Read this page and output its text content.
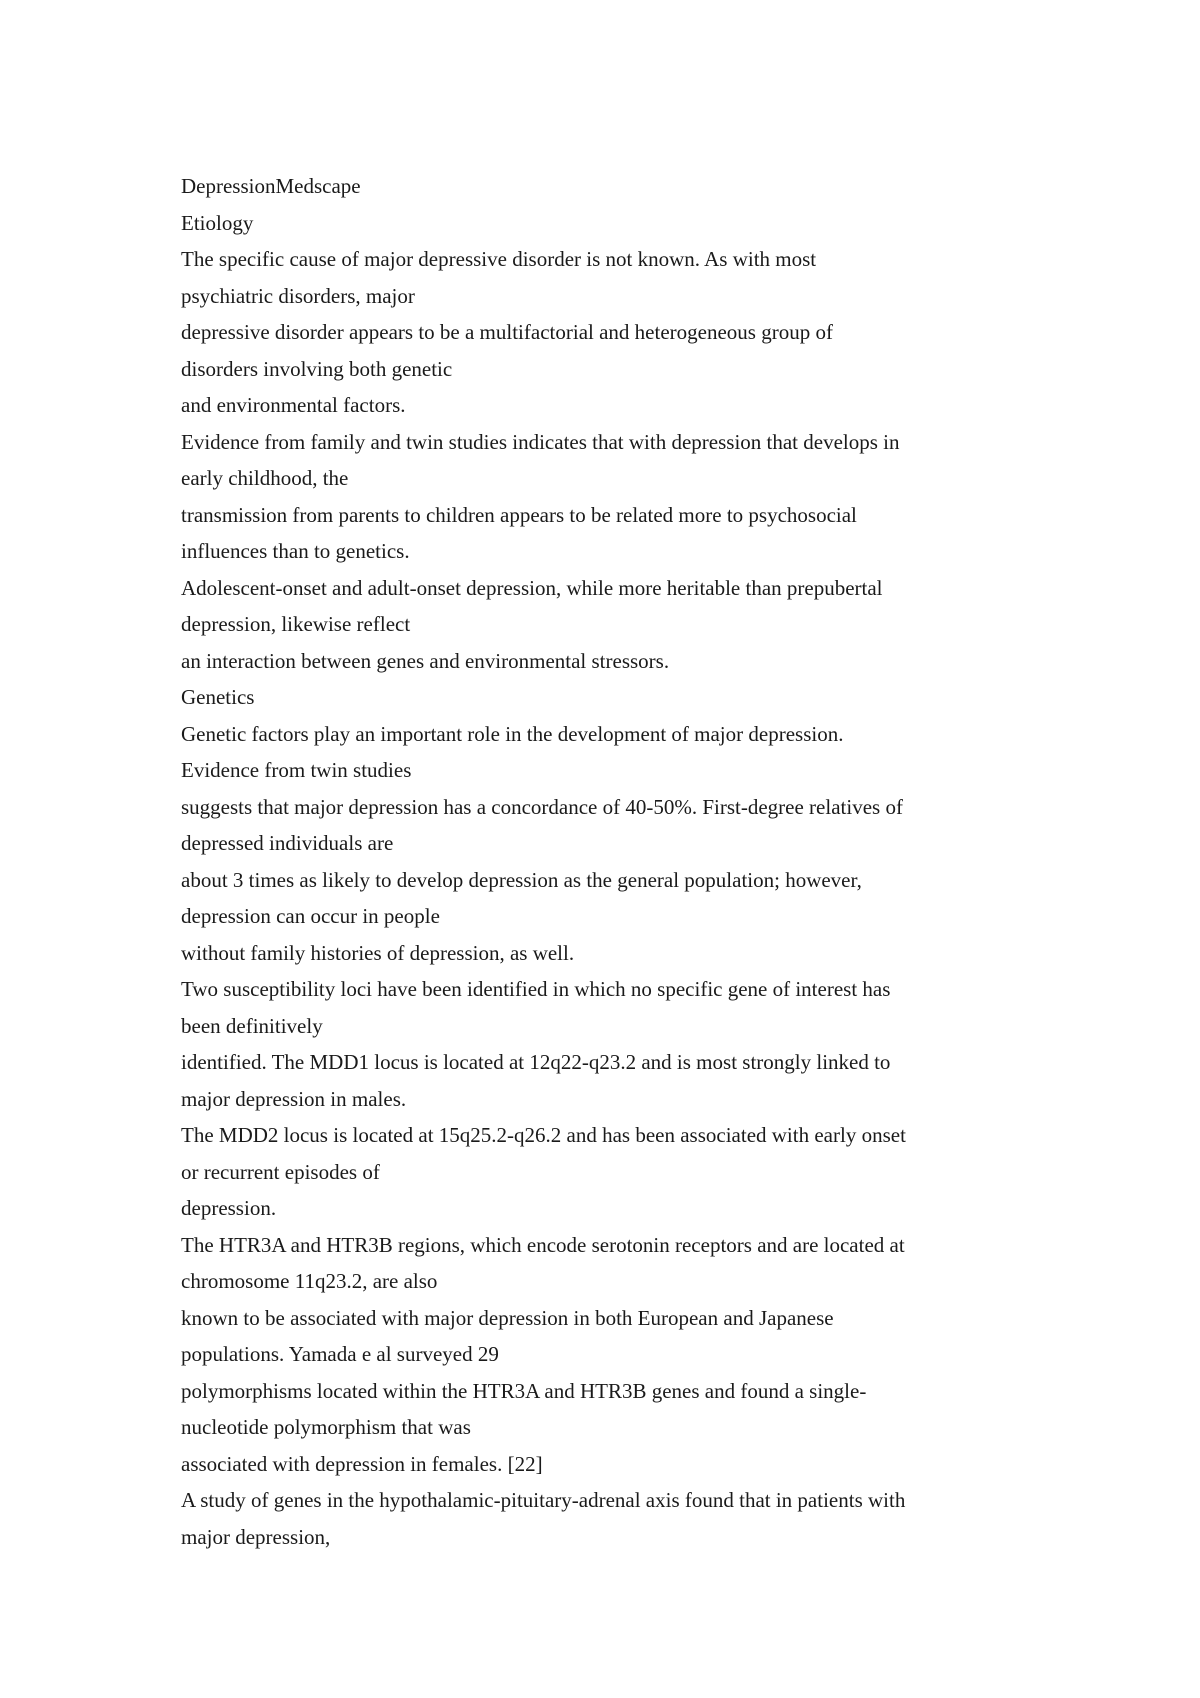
DepressionMedscape
Etiology
The specific cause of major depressive disorder is not known. As with most
psychiatric disorders, major
depressive disorder appears to be a multifactorial and heterogeneous group of
disorders involving both genetic
and environmental factors.
Evidence from family and twin studies indicates that with depression that develops in
early childhood, the
transmission from parents to children appears to be related more to psychosocial
influences than to genetics.
Adolescent-onset and adult-onset depression, while more heritable than prepubertal
depression, likewise reflect
an interaction between genes and environmental stressors.
Genetics
Genetic factors play an important role in the development of major depression.
Evidence from twin studies
suggests that major depression has a concordance of 40-50%. First-degree relatives of
depressed individuals are
about 3 times as likely to develop depression as the general population; however,
depression can occur in people
without family histories of depression, as well.
Two susceptibility loci have been identified in which no specific gene of interest has
been definitively
identified. The MDD1 locus is located at 12q22-q23.2 and is most strongly linked to
major depression in males.
The MDD2 locus is located at 15q25.2-q26.2 and has been associated with early onset
or recurrent episodes of
depression.
The HTR3A and HTR3B regions, which encode serotonin receptors and are located at
chromosome 11q23.2, are also
known to be associated with major depression in both European and Japanese
populations. Yamada e al surveyed 29
polymorphisms located within the HTR3A and HTR3B genes and found a single-
nucleotide polymorphism that was
associated with depression in females. [22]
A study of genes in the hypothalamic-pituitary-adrenal axis found that in patients with
major depression,
